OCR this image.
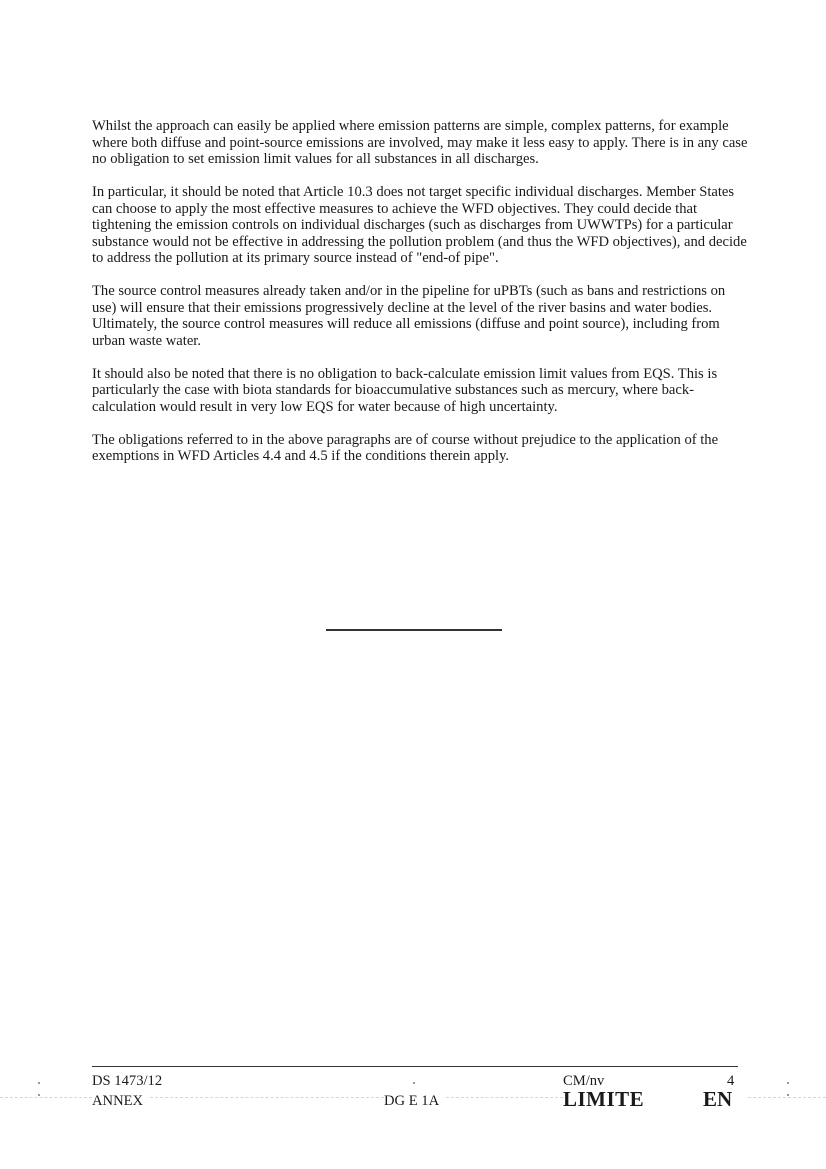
Whilst the approach can easily be applied where emission patterns are simple, complex patterns, for example where both diffuse and point-source emissions are involved, may make it less easy to apply. There is in any case no obligation to set emission limit values for all substances in all discharges.

In particular, it should be noted that Article 10.3 does not target specific individual discharges. Member States can choose to apply the most effective measures to achieve the WFD objectives. They could decide that tightening the emission controls on individual discharges (such as discharges from UWWTPs) for a particular substance would not be effective in addressing the pollution problem (and thus the WFD objectives), and decide to address the pollution at its primary source instead of "end-of pipe".

The source control measures already taken and/or in the pipeline for uPBTs (such as bans and restrictions on use) will ensure that their emissions progressively decline at the level of the river basins and water bodies. Ultimately, the source control measures will reduce all emissions (diffuse and point source), including from urban waste water.

It should also be noted that there is no obligation to back-calculate emission limit values from EQS. This is particularly the case with biota standards for bioaccumulative substances such as mercury, where back-calculation would result in very low EQS for water because of high uncertainty.

The obligations referred to in the above paragraphs are of course without prejudice to the application of the exemptions in WFD Articles 4.4 and 4.5 if the conditions therein apply.

DS 1473/12
ANNEX	DG E 1A
CM/nv	4
LIMITE	EN
